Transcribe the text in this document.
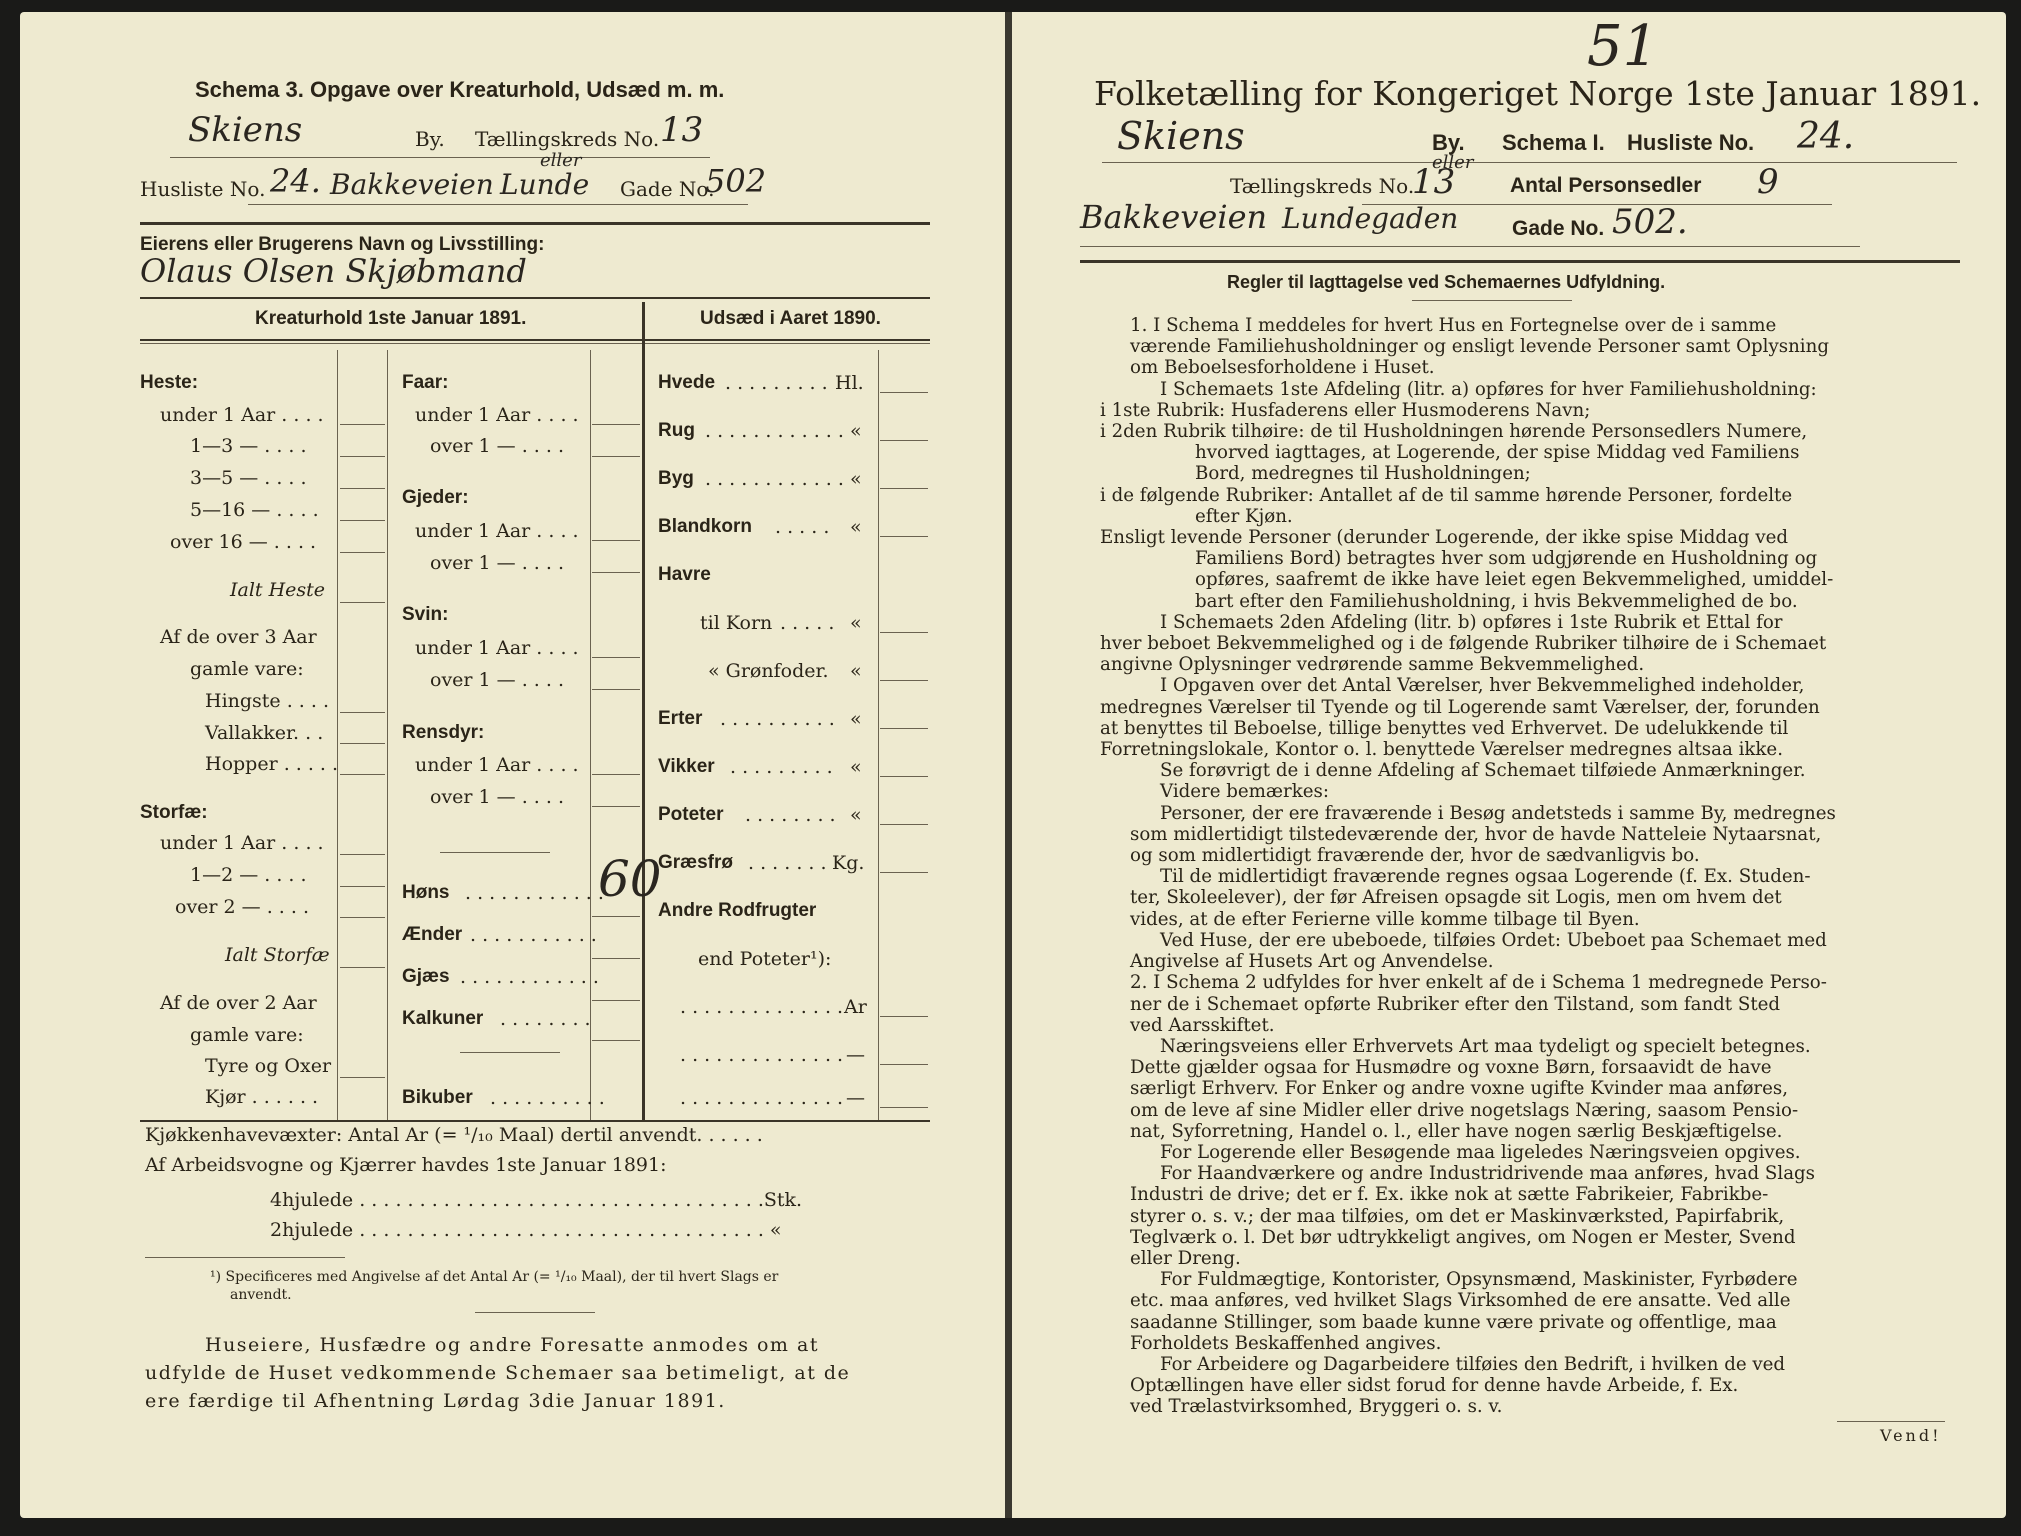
Schema 3. Opgave over Kreaturhold, Udsæd m. m.
Skiens	By. Tællingskreds No. 13
Husliste No. 24. Bakkeveien
eller
Lunde Gade No.
502
Eierens eller Brugerens Navn og Livsstilling:
Olaus Olsen Skjøbmand
Kreaturhold 1ste Januar 1891.	Udsæd i Aaret 1890.
Heste:
under 1 Aar . . . .
1—3 — . . . .
3—5 — . . . .
5—16 — . . . .
over 16 — . . . .
Ialt Heste
Af de over 3 Aar
gamle vare:
Hingste . . . .
Vallakker. . .
Hopper . . . . .
Storfæ:
under 1 Aar . . . .
1—2 — . . . .
over 2 — . . . .
Ialt Storfæ
Af de over 2 Aar
gamle vare:
Tyre og Oxer
Kjør . . . . . .
Faar:
under 1 Aar . . . .
over 1 — . . . .
Gjeder:
under 1 Aar . . . .
over 1 — . . . .
Svin:
under 1 Aar . . . .
over 1 — . . . .
Rensdyr:
under 1 Aar . . . .
over 1 — . . . .
Høns . . . . . . . . . . . .
60
Ænder . . . . . . . . . . .
Gjæs . . . . . . . . . . . .
Kalkuner . . . . . . . .
Bikuber . . . . . . . . . .
Hvede . . . . . . . . . Hl.
Rug . . . . . . . . . . . . «
Byg . . . . . . . . . . . . «
Blandkorn . . . . . «
Havre
til Korn . . . . . «
« Grønfoder. «
Erter . . . . . . . . . . «
Vikker . . . . . . . . . «
Poteter . . . . . . . . «
Græsfrø . . . . . . . Kg.
Andre Rodfrugter
end Poteter¹):
. . . . . . . . . . . . . . Ar
. . . . . . . . . . . . . . —
. . . . . . . . . . . . . . —
Kjøkkenhavevæxter: Antal Ar (= ¹/₁₀ Maal) dertil anvendt. . . . . .
Af Arbeidsvogne og Kjærrer havdes 1ste Januar 1891:
4hjulede . . . . . . . . . . . . . . . . . . . . . . . . . . . . . . . . . .Stk.
2hjulede . . . . . . . . . . . . . . . . . . . . . . . . . . . . . . . . . . «
¹) Specificeres med Angivelse af det Antal Ar (= ¹/₁₀ Maal), der til hvert Slags er
anvendt.
Huseiere, Husfædre og andre Foresatte anmodes om at
udfylde de Huset vedkommende Schemaer saa betimeligt, at de
ere færdige til Afhentning Lørdag 3die Januar 1891.
51
Folketælling for Kongeriget Norge 1ste Januar 1891.
Skiens	By. Schema I. Husliste No. 24.
Tællingskreds No.
13
eller
Antal Personsedler 9
Bakkeveien Lundegaden	Gade No. 502.
Regler til Iagttagelse ved Schemaernes Udfyldning.
1. I Schema I meddeles for hvert Hus en Fortegnelse over de i samme
værende Familiehusholdninger og ensligt levende Personer samt Oplysning
om Beboelsesforholdene i Huset.
I Schemaets 1ste Afdeling (litr. a) opføres for hver Familiehusholdning:
i 1ste Rubrik: Husfaderens eller Husmoderens Navn;
i 2den Rubrik tilhøire: de til Husholdningen hørende Personsedlers Numere,
hvorved iagttages, at Logerende, der spise Middag ved Familiens
Bord, medregnes til Husholdningen;
i de følgende Rubriker: Antallet af de til samme hørende Personer, fordelte
efter Kjøn.
Ensligt levende Personer (derunder Logerende, der ikke spise Middag ved
Familiens Bord) betragtes hver som udgjørende en Husholdning og
opføres, saafremt de ikke have leiet egen Bekvemmelighed, umiddel-
bart efter den Familiehusholdning, i hvis Bekvemmelighed de bo.
I Schemaets 2den Afdeling (litr. b) opføres i 1ste Rubrik et Ettal for
hver beboet Bekvemmelighed og i de følgende Rubriker tilhøire de i Schemaet
angivne Oplysninger vedrørende samme Bekvemmelighed.
I Opgaven over det Antal Værelser, hver Bekvemmelighed indeholder,
medregnes Værelser til Tyende og til Logerende samt Værelser, der, forunden
at benyttes til Beboelse, tillige benyttes ved Erhvervet. De udelukkende til
Forretningslokale, Kontor o. l. benyttede Værelser medregnes altsaa ikke.
Se forøvrigt de i denne Afdeling af Schemaet tilføiede Anmærkninger.
Videre bemærkes:
Personer, der ere fraværende i Besøg andetsteds i samme By, medregnes
som midlertidigt tilstedeværende der, hvor de havde Natteleie Nytaarsnat,
og som midlertidigt fraværende der, hvor de sædvanligvis bo.
Til de midlertidigt fraværende regnes ogsaa Logerende (f. Ex. Studen-
ter, Skoleelever), der før Afreisen opsagde sit Logis, men om hvem det
vides, at de efter Ferierne ville komme tilbage til Byen.
Ved Huse, der ere ubeboede, tilføies Ordet: Ubeboet paa Schemaet med
Angivelse af Husets Art og Anvendelse.
2. I Schema 2 udfyldes for hver enkelt af de i Schema 1 medregnede Perso-
ner de i Schemaet opførte Rubriker efter den Tilstand, som fandt Sted
ved Aarsskiftet.
Næringsveiens eller Erhvervets Art maa tydeligt og specielt betegnes.
Dette gjælder ogsaa for Husmødre og voxne Børn, forsaavidt de have
særligt Erhverv. For Enker og andre voxne ugifte Kvinder maa anføres,
om de leve af sine Midler eller drive nogetslags Næring, saasom Pensio-
nat, Syforretning, Handel o. l., eller have nogen særlig Beskjæftigelse.
For Logerende eller Besøgende maa ligeledes Næringsveien opgives.
For Haandværkere og andre Industridrivende maa anføres, hvad Slags
Industri de drive; det er f. Ex. ikke nok at sætte Fabrikeier, Fabrikbe-
styrer o. s. v.; der maa tilføies, om det er Maskinværksted, Papirfabrik,
Teglværk o. l. Det bør udtrykkeligt angives, om Nogen er Mester, Svend
eller Dreng.
For Fuldmægtige, Kontorister, Opsynsmænd, Maskinister, Fyrbødere
etc. maa anføres, ved hvilket Slags Virksomhed de ere ansatte. Ved alle
saadanne Stillinger, som baade kunne være private og offentlige, maa
Forholdets Beskaffenhed angives.
For Arbeidere og Dagarbeidere tilføies den Bedrift, i hvilken de ved
Optællingen have eller sidst forud for denne havde Arbeide, f. Ex.
ved Trælastvirksomhed, Bryggeri o. s. v.
Vend!
